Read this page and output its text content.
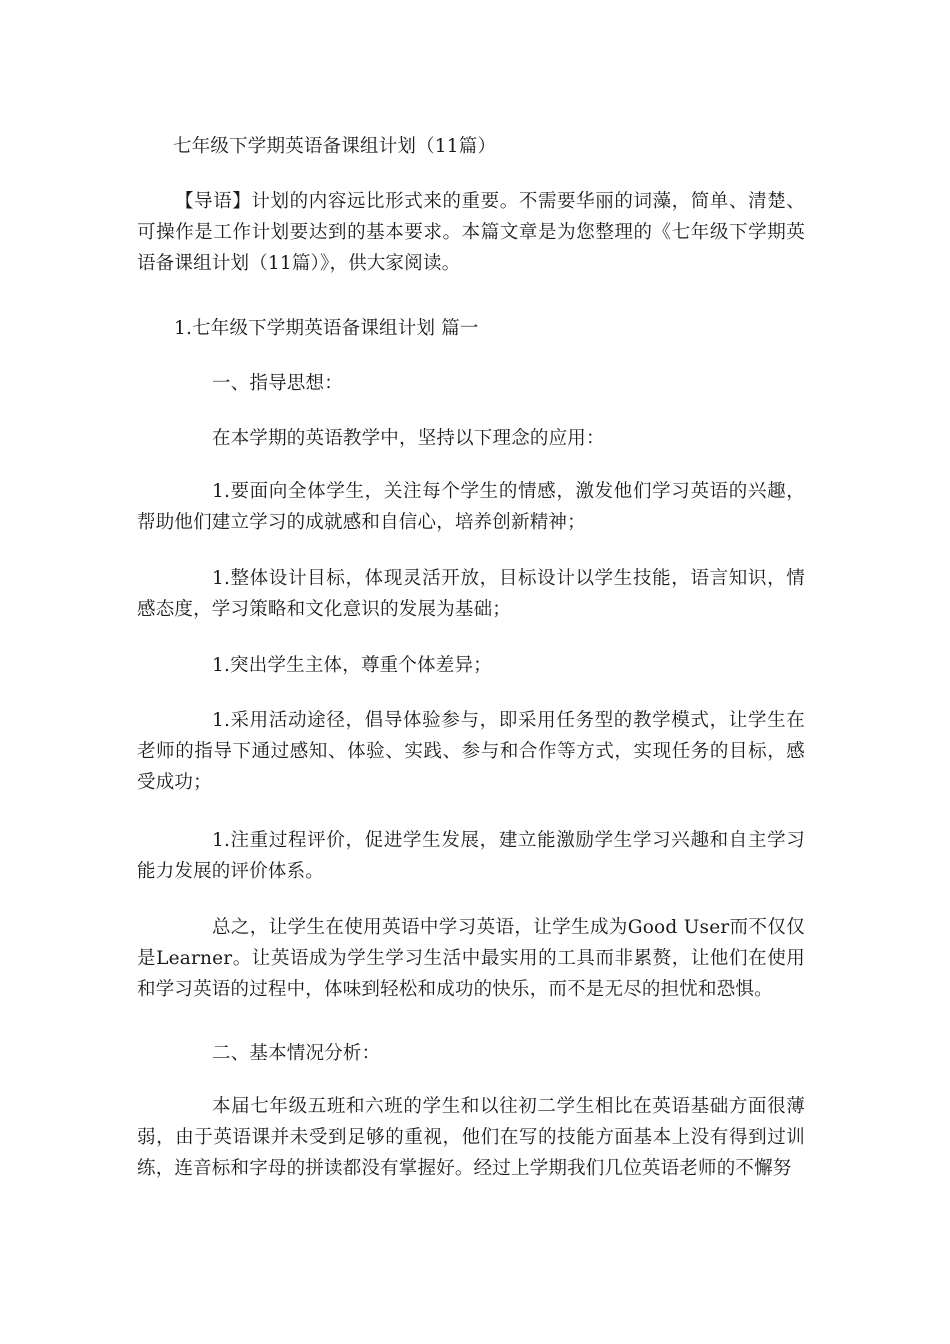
七年级下学期英语备课组计划（11篇）

【导语】计划的内容远比形式来的重要。不需要华丽的词藻，简单、清楚、可操作是工作计划要达到的基本要求。本篇文章是为您整理的《七年级下学期英语备课组计划（11篇）》，供大家阅读。

1.七年级下学期英语备课组计划 篇一

一、指导思想：

在本学期的英语教学中，坚持以下理念的应用：

1.要面向全体学生，关注每个学生的情感，激发他们学习英语的兴趣，帮助他们建立学习的成就感和自信心，培养创新精神；

1.整体设计目标，体现灵活开放，目标设计以学生技能，语言知识，情感态度，学习策略和文化意识的发展为基础；

1.突出学生主体，尊重个体差异；

1.采用活动途径，倡导体验参与，即采用任务型的教学模式，让学生在老师的指导下通过感知、体验、实践、参与和合作等方式，实现任务的目标，感受成功；

1.注重过程评价，促进学生发展，建立能激励学生学习兴趣和自主学习能力发展的评价体系。

总之，让学生在使用英语中学习英语，让学生成为Good User而不仅仅是Learner。让英语成为学生学习生活中最实用的工具而非累赘，让他们在使用和学习英语的过程中，体味到轻松和成功的快乐，而不是无尽的担忧和恐惧。

二、基本情况分析：

本届七年级五班和六班的学生和以往初二学生相比在英语基础方面很薄弱，由于英语课并未受到足够的重视，他们在写的技能方面基本上没有得到过训练，连音标和字母的拼读都没有掌握好。经过上学期我们几位英语老师的不懈努
